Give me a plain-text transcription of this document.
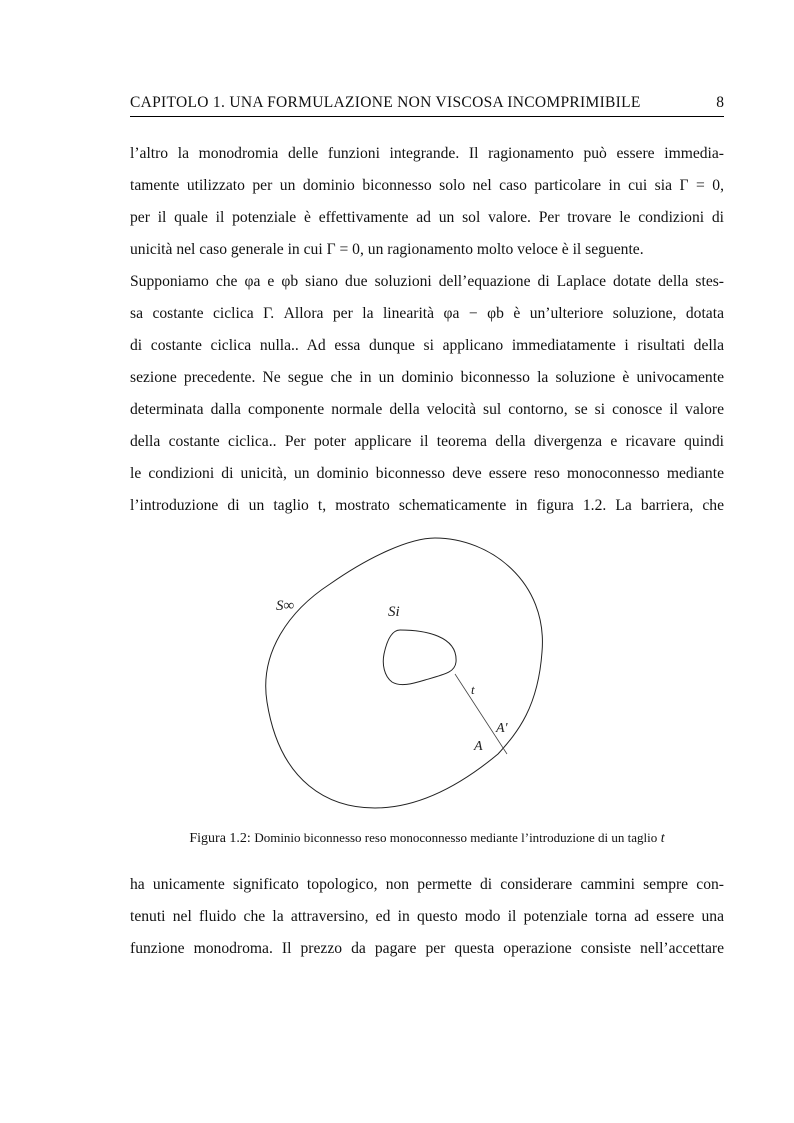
CAPITOLO 1. UNA FORMULAZIONE NON VISCOSA INCOMPRIMIBILE	8
l’altro la monodromia delle funzioni integrande. Il ragionamento può essere immedia-
tamente utilizzato per un dominio biconnesso solo nel caso particolare in cui sia Γ = 0,
per il quale il potenziale è effettivamente ad un sol valore. Per trovare le condizioni di
unicità nel caso generale in cui Γ = 0, un ragionamento molto veloce è il seguente.
Supponiamo che φa e φb siano due soluzioni dell’equazione di Laplace dotate della stes-
sa costante ciclica Γ. Allora per la linearità φa − φb è un’ulteriore soluzione, dotata
di costante ciclica nulla.. Ad essa dunque si applicano immediatamente i risultati della
sezione precedente. Ne segue che in un dominio biconnesso la soluzione è univocamente
determinata dalla componente normale della velocità sul contorno, se si conosce il valore
della costante ciclica.. Per poter applicare il teorema della divergenza e ricavare quindi
le condizioni di unicità, un dominio biconnesso deve essere reso monoconnesso mediante
l’introduzione di un taglio t, mostrato schematicamente in figura 1.2. La barriera, che
S∞	Si
t
A'
A
Figura 1.2: Dominio biconnesso reso monoconnesso mediante l’introduzione di un taglio t
ha unicamente significato topologico, non permette di considerare cammini sempre con-
tenuti nel fluido che la attraversino, ed in questo modo il potenziale torna ad essere una
funzione monodroma. Il prezzo da pagare per questa operazione consiste nell’accettare
